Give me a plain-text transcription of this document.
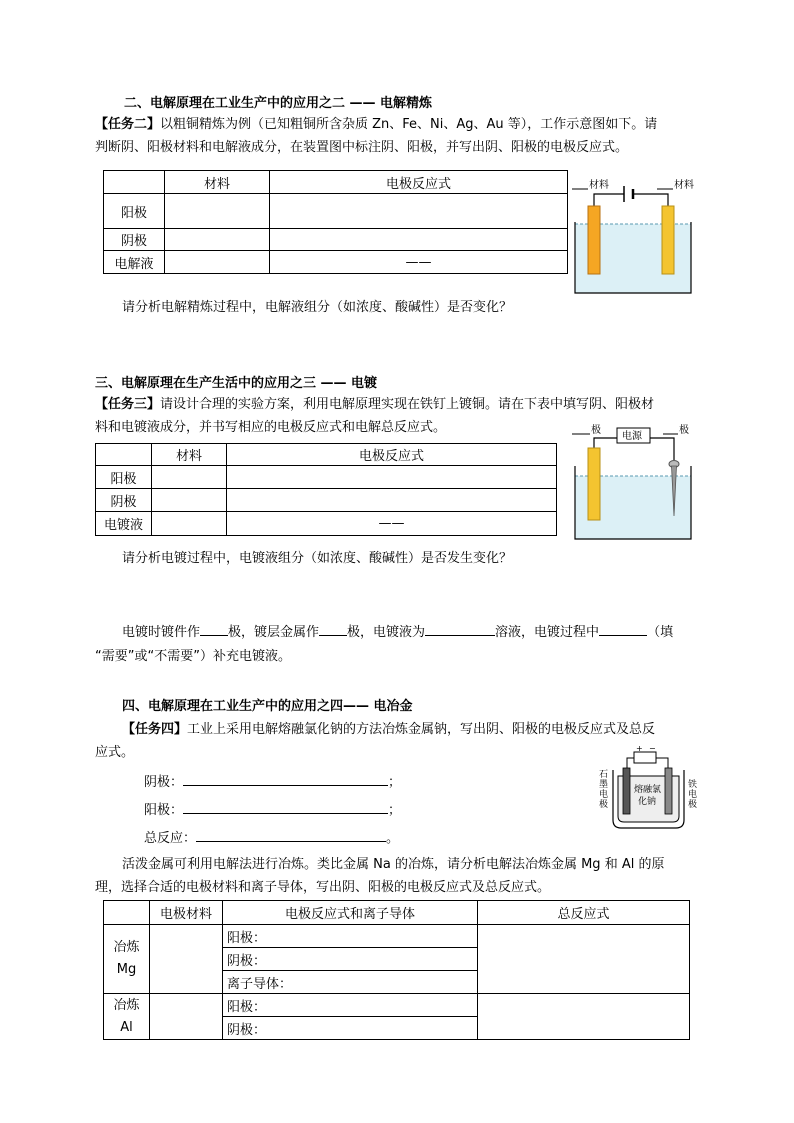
二、电解原理在工业生产中的应用之二 —— 电解精炼
【任务二】以粗铜精炼为例（已知粗铜所含杂质 Zn、Fe、Ni、Ag、Au 等），工作示意图如下。请
判断阴、阳极材料和电解液成分，在装置图中标注阴、阳极，并写出阴、阳极的电极反应式。
	材料	电极反应式
阳极		
阴极		
电解液		——
材料	材料
请分析电解精炼过程中，电解液组分（如浓度、酸碱性）是否变化？
三、电解原理在生产生活中的应用之三 —— 电镀
【任务三】请设计合理的实验方案，利用电解原理实现在铁钉上镀铜。请在下表中填写阴、阳极材
料和电镀液成分，并书写相应的电极反应式和电解总反应式。
	材料	电极反应式
阳极		
阴极		
电镀液		——
极	极
电源
请分析电镀过程中，电镀液组分（如浓度、酸碱性）是否发生变化？
电镀时镀件作 极，镀层金属作 极，电镀液为	溶液，电镀过程中	（填
“需要”或“不需要”）补充电镀液。
四、电解原理在工业生产中的应用之四—— 电冶金
【任务四】工业上采用电解熔融氯化钠的方法冶炼金属钠，写出阴、阳极的电极反应式及总反
应式。
阴极：	；
阳极：	；
总反应：	。
+ −
熔融氯
化钠
石墨电极
铁电极
活泼金属可利用电解法进行冶炼。类比金属 Na 的冶炼，请分析电解法冶炼金属 Mg 和 Al 的原
理，选择合适的电极材料和离子导体，写出阴、阳极的电极反应式及总反应式。
	电极材料	电极反应式和离子导体	总反应式

冶炼
Mg		阳极：	
		阴极：	
		离子导体：	

冶炼
Al		阳极：	
		阴极：	
